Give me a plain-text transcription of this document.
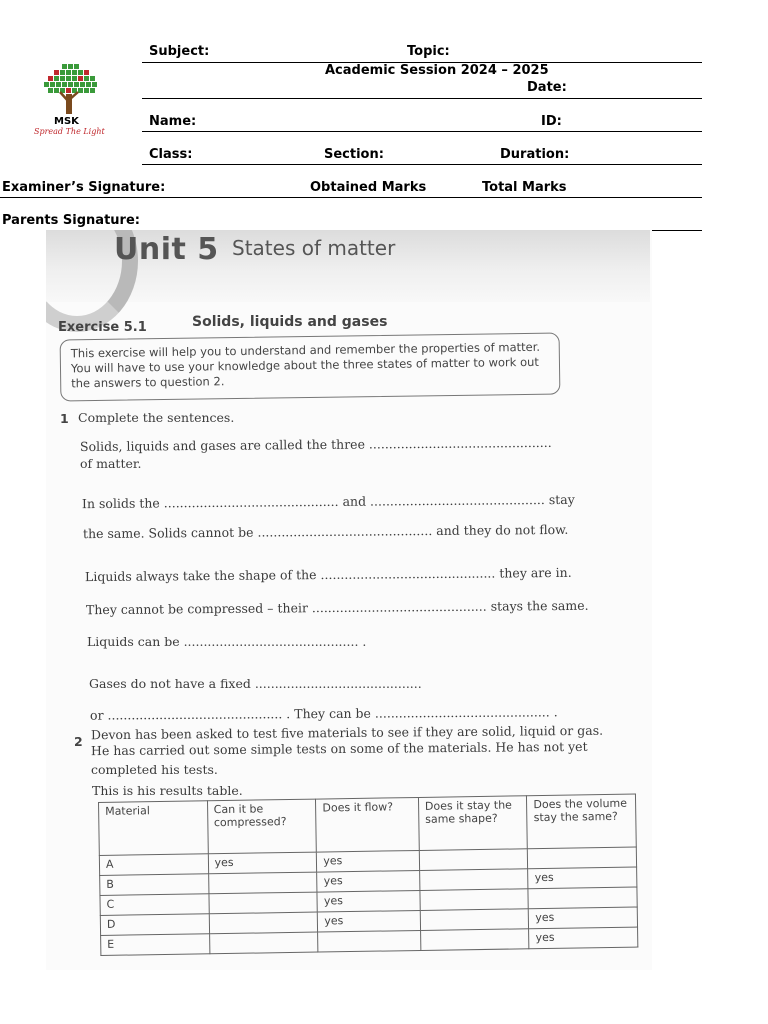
MSK
Spread The Light
Subject:	Topic:
Academic Session 2024 – 2025
Date:
Name:	ID:
Class:	Section:	Duration:
Examiner’s Signature:	Obtained Marks	Total Marks
Parents Signature:
Unit 5 States of matter
Exercise 5.1	Solids, liquids and gases
This exercise will help you to understand and remember the properties of matter. You will have to use your knowledge about the three states of matter to work out the answers to question 2.
1 Complete the sentences.
Solids, liquids and gases are called the three ..............................................
of matter.
In solids the ............................................ and ............................................ stay
the same. Solids cannot be ............................................ and they do not flow.
Liquids always take the shape of the ............................................ they are in.
They cannot be compressed – their ............................................ stays the same.
Liquids can be ............................................ .
Gases do not have a fixed ..........................................
or ............................................ . They can be ............................................ .
2 Devon has been asked to test five materials to see if they are solid, liquid or gas.
He has carried out some simple tests on some of the materials. He has not yet
completed his tests.
This is his results table.
Material	Can it be compressed?	Does it flow?	Does it stay the same shape?	Does the volume stay the same?
A	yes	yes		
B		yes		yes
C		yes		
D		yes		yes
E				yes
